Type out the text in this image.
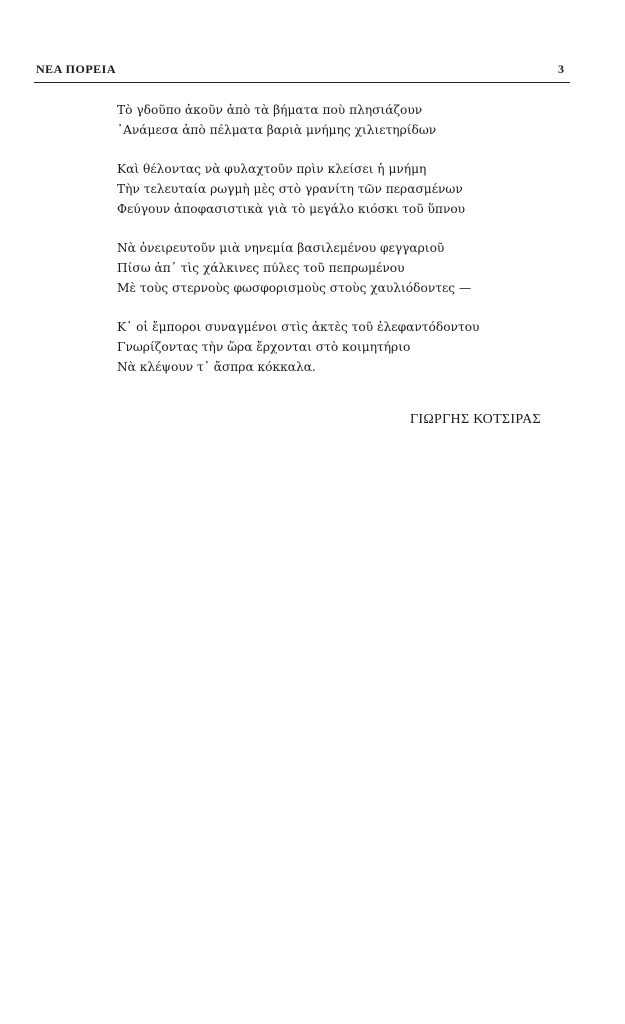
ΝΕΑ ΠΟΡΕΙΑ	3
Τὸ γδοῦπο ἀκοῦν ἀπὸ τὰ βήματα ποὺ πλησιάζουν
᾿Ανάμεσα ἀπὸ πέλματα βαριὰ μνήμης χιλιετηρίδων
Καὶ θέλοντας νὰ φυλαχτοῦν πρὶν κλείσει ἡ μνήμη
Τὴν τελευταία ρωγμὴ μὲς στὸ γρανίτη τῶν περασμένων
Φεύγουν ἀποφασιστικὰ γιὰ τὸ μεγάλο κιόσκι τοῦ ὕπνου
Νὰ ὀνειρευτοῦν μιὰ νηνεμία βασιλεμένου φεγγαριοῦ
Πίσω ἀπ᾿ τὶς χάλκινες πύλες τοῦ πεπρωμένου
Μὲ τοὺς στερνοὺς φωσφορισμοὺς στοὺς χαυλιόδοντες —
Κ᾿ οἱ ἔμποροι συναγμένοι στὶς ἀκτὲς τοῦ ἐλεφαντόδοντου
Γνωρίζοντας τὴν ὥρα ἔρχονται στὸ κοιμητήριο
Νὰ κλέψουν τ᾿ ἄσπρα κόκκαλα.
ΓΙΩΡΓΗΣ ΚΟΤΣΙΡΑΣ
